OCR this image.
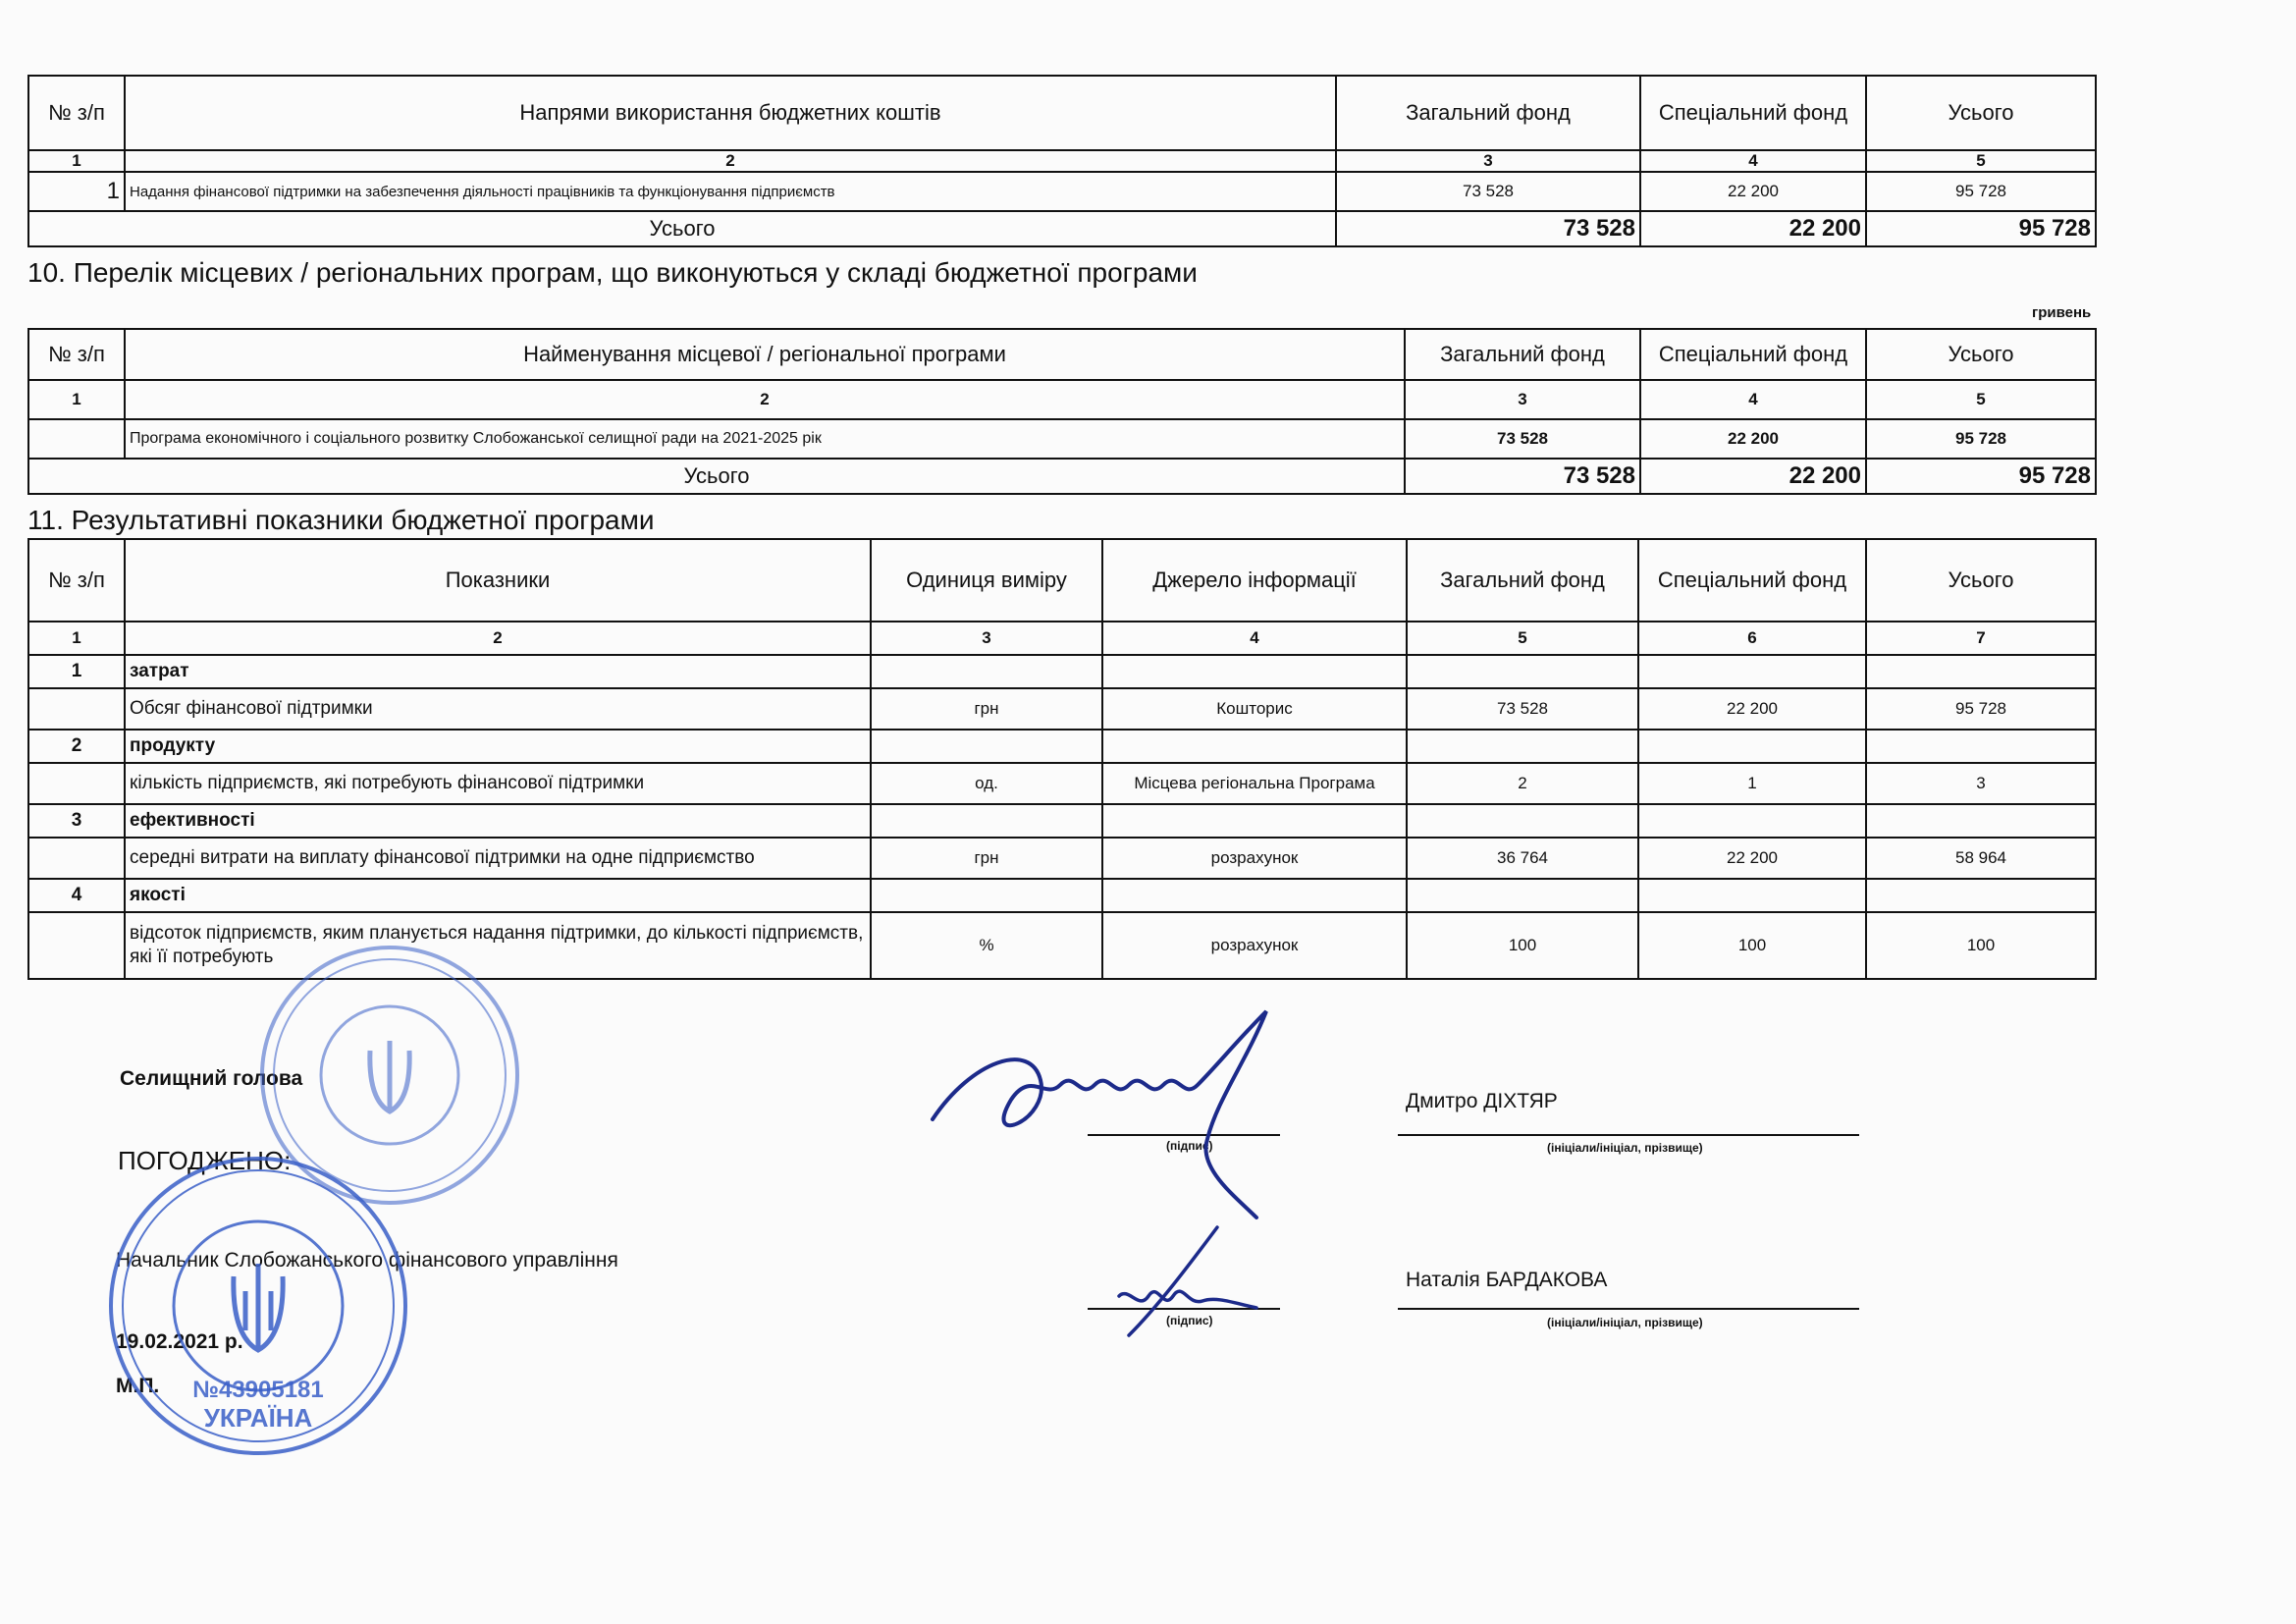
№ з/п	Напрями використання бюджетних коштів	Загальний фонд	Спеціальний фонд	Усього
1	2	3	4	5
1	Надання фінансової підтримки на забезпечення діяльності працівників та функціонування підприємств	73 528	22 200	95 728
Усього		73 528	22 200	95 728
10. Перелік місцевих / регіональних програм, що виконуються у складі бюджетної програми
гривень
№ з/п	Найменування місцевої / регіональної програми	Загальний фонд	Спеціальний фонд	Усього
1	2	3	4	5
	Програма економічного і соціального розвитку Слобожанської селищної ради на 2021-2025 рік	73 528	22 200	95 728
Усього		73 528	22 200	95 728
11. Результативні показники бюджетної програми
№ з/п	Показники	Одиниця виміру	Джерело інформації	Загальний фонд	Спеціальний фонд	Усього
1	2	3	4	5	6	7
1	затрат					
	Обсяг фінансової підтримки	грн	Кошторис	73 528	22 200	95 728
2	продукту					
	кількість підприємств, які потребують фінансової підтримки	од.	Місцева регіональна Програма	2	1	3
3	ефективності					
	середні витрати на виплату фінансової підтримки на одне підприємство	грн	розрахунок	36 764	22 200	58 964
4	якості					
	відсоток підприємств, яким планується надання підтримки, до кількості підприємств, які її потребують	%	розрахунок	100	100	100
Селищний голова
(підпис)
Дмитро ДІХТЯР
(ініціали/ініціал, прізвище)
ПОГОДЖЕНО:
Начальник Слобожанського фінансового управління
(підпис)
Наталія БАРДАКОВА
(ініціали/ініціал, прізвище)
19.02.2021 р.
М.П. №43905181
УКРАЇНА
